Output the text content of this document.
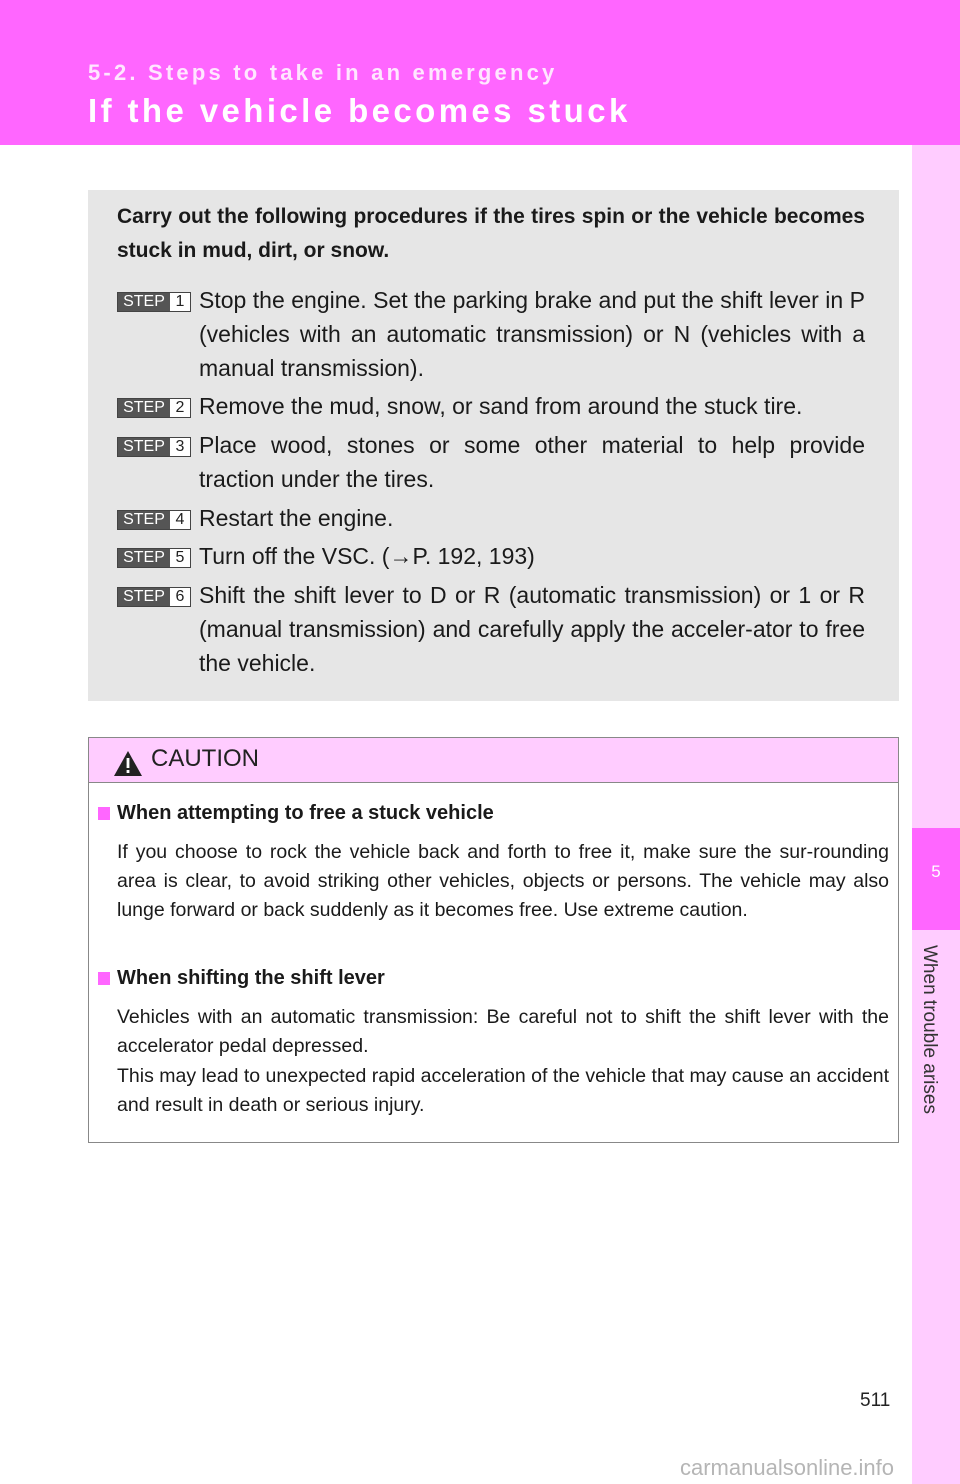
5-2. Steps to take in an emergency
If the vehicle becomes stuck
5
When trouble arises
Carry out the following procedures if the tires spin or the vehicle becomes stuck in mud, dirt, or snow.
STEP 1 Stop the engine. Set the parking brake and put the shift lever in P (vehicles with an automatic transmission) or N (vehicles with a manual transmission).
STEP 2 Remove the mud, snow, or sand from around the stuck tire.
STEP 3 Place wood, stones or some other material to help provide traction under the tires.
STEP 4 Restart the engine.
STEP 5 Turn off the VSC. (→P. 192, 193)
STEP 6 Shift the shift lever to D or R (automatic transmission) or 1 or R (manual transmission) and carefully apply the acceler-ator to free the vehicle.
CAUTION
When attempting to free a stuck vehicle
If you choose to rock the vehicle back and forth to free it, make sure the sur-rounding area is clear, to avoid striking other vehicles, objects or persons. The vehicle may also lunge forward or back suddenly as it becomes free. Use extreme caution.
When shifting the shift lever
Vehicles with an automatic transmission: Be careful not to shift the shift lever with the accelerator pedal depressed.
This may lead to unexpected rapid acceleration of the vehicle that may cause an accident and result in death or serious injury.
511
carmanualsonline.info
